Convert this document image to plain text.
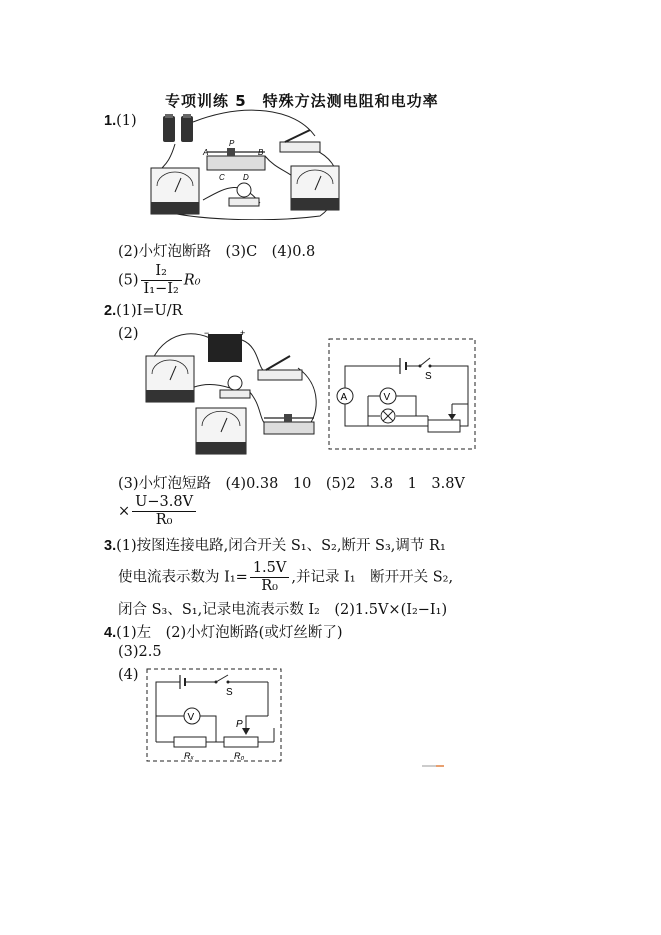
专项训练 5　特殊方法测电阻和电功率
1.(1)
A
P
B
C D
(2)小灯泡断路　(3)C　(4)0.8
$(5) \frac{\text{I₂}}{\text{I₁−I₂}} R_0$
2.(1)I=U/R
(2)	−	+
S
A	V
(3)小灯泡短路　(4)0.38　10　(5)2　3.8　1　3.8V
× $\frac{U-3.8V}{\text{R₀}}$
3.(1)按图连接电路,闭合开关 S₁、S₂,断开 S₃,调节 R₁
使电流表示数为 $I_1= \frac{1.5V}{\text{R₀}}$ ,并记录 I₁　断开开关 S₂,
闭合 S₃、S₁,记录电流表示数 I₂　(2)1.5V×(I₂−I₁)
4.(1)左　(2)小灯泡断路(或灯丝断了)
(3)2.5
(4)
S
V
P
Rₓ	R₀
